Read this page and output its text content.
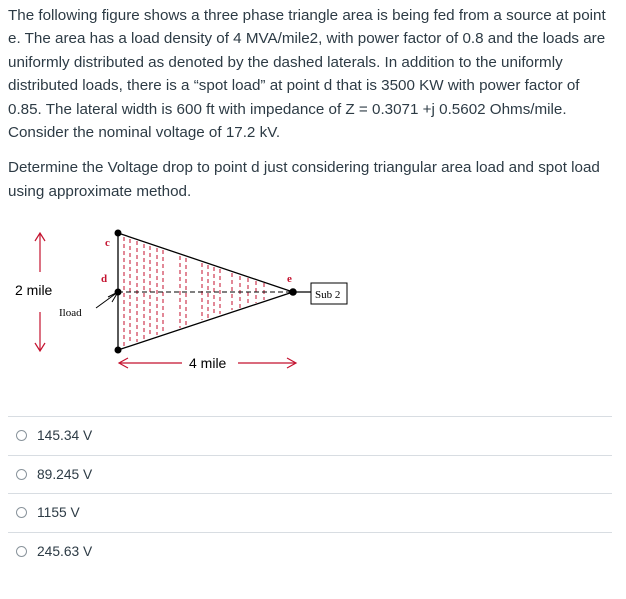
The following figure shows a three phase triangle area is being fed from a source at point e. The area has a load density of 4 MVA/mile2, with power factor of 0.8 and the loads are uniformly distributed as denoted by the dashed laterals. In addition to the uniformly distributed loads, there is a “spot load” at point d that is 3500 KW with power factor of 0.85. The lateral width is 600 ft with impedance of Z = 0.3071 +j 0.5602 Ohms/mile. Consider the nominal voltage of 17.2 kV.

Determine the Voltage drop to point d just considering triangular area load and spot load using approximate method.

2 mile
c
d	e
Iload
Sub 2
4 mile
145.34 V
89.245 V
1155 V
245.63 V
